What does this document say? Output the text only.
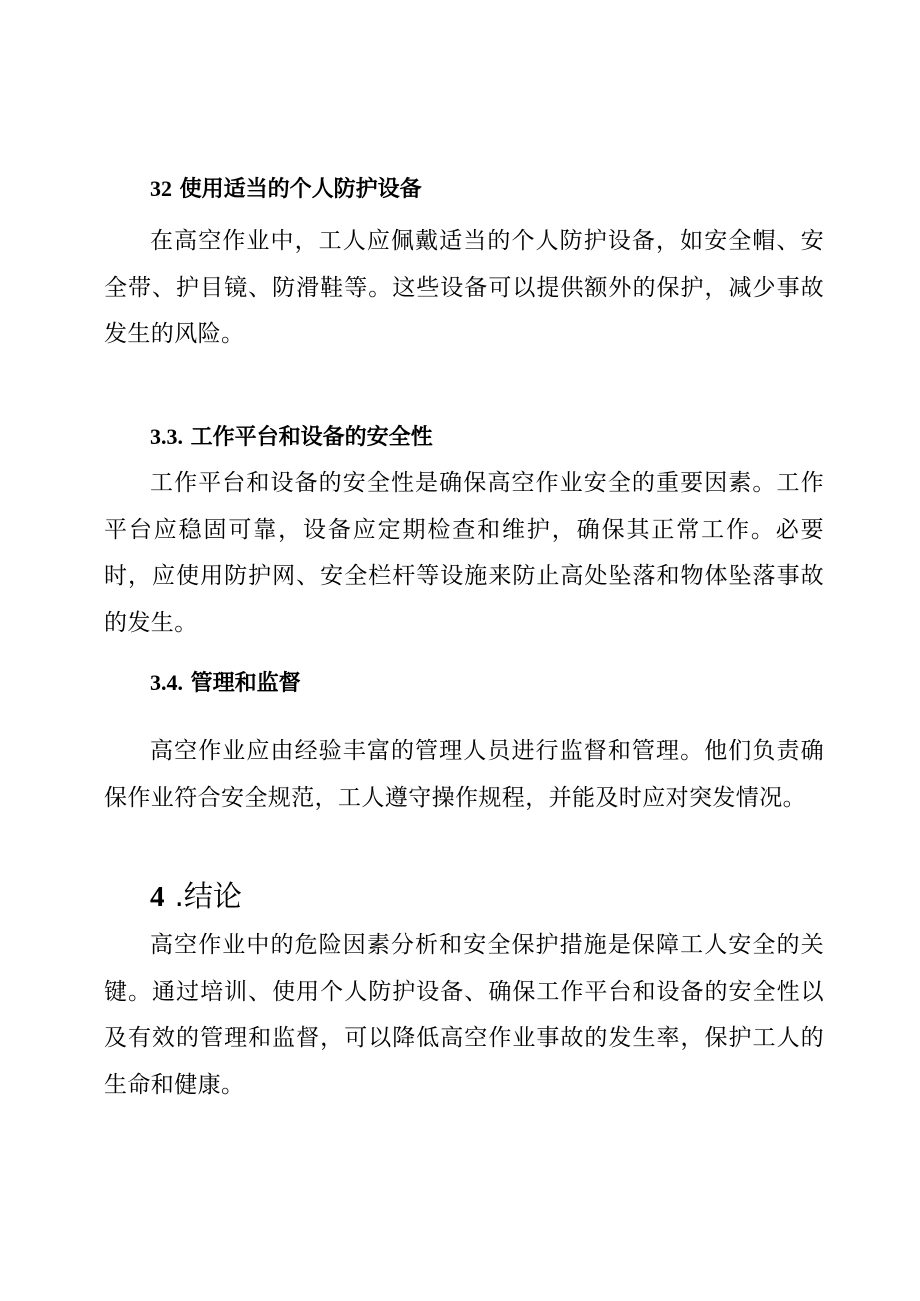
32 使用适当的个人防护设备

在高空作业中，工人应佩戴适当的个人防护设备，如安全帽、安全带、护目镜、防滑鞋等。这些设备可以提供额外的保护，减少事故发生的风险。

3.3. 工作平台和设备的安全性

工作平台和设备的安全性是确保高空作业安全的重要因素。工作平台应稳固可靠，设备应定期检查和维护，确保其正常工作。必要时，应使用防护网、安全栏杆等设施来防止高处坠落和物体坠落事故的发生。

3.4. 管理和监督

高空作业应由经验丰富的管理人员进行监督和管理。他们负责确保作业符合安全规范，工人遵守操作规程，并能及时应对突发情况。

4 .结论

高空作业中的危险因素分析和安全保护措施是保障工人安全的关键。通过培训、使用个人防护设备、确保工作平台和设备的安全性以及有效的管理和监督，可以降低高空作业事故的发生率，保护工人的生命和健康。
